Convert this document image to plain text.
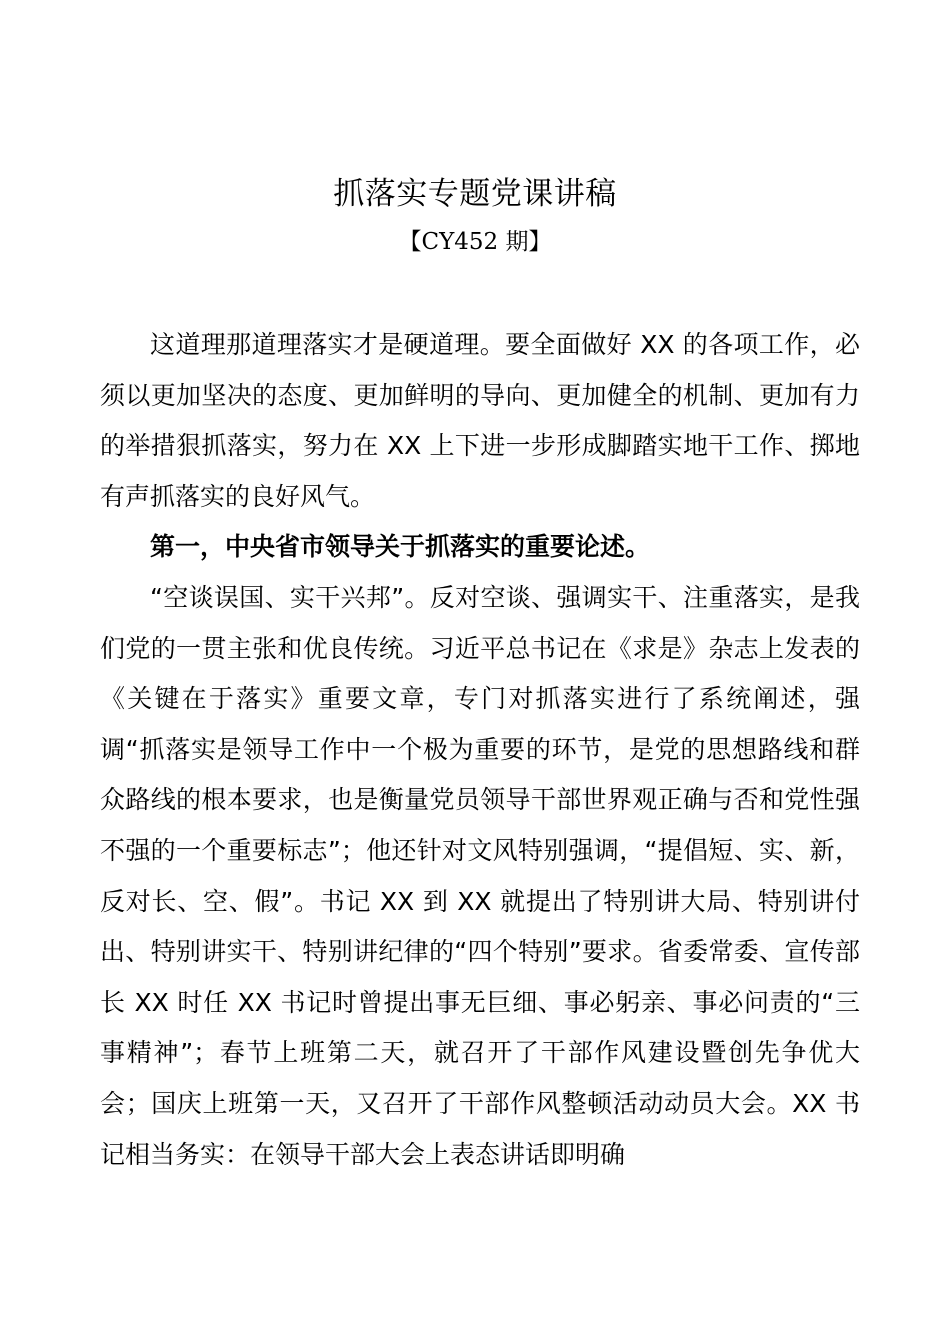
抓落实专题党课讲稿
【CY452 期】

这道理那道理落实才是硬道理。要全面做好 XX 的各项工作，必须以更加坚决的态度、更加鲜明的导向、更加健全的机制、更加有力的举措狠抓落实，努力在 XX 上下进一步形成脚踏实地干工作、掷地有声抓落实的良好风气。

第一，中央省市领导关于抓落实的重要论述。

“空谈误国、实干兴邦”。反对空谈、强调实干、注重落实，是我们党的一贯主张和优良传统。习近平总书记在《求是》杂志上发表的《关键在于落实》重要文章，专门对抓落实进行了系统阐述，强调“抓落实是领导工作中一个极为重要的环节，是党的思想路线和群众路线的根本要求，也是衡量党员领导干部世界观正确与否和党性强不强的一个重要标志”；他还针对文风特别强调，“提倡短、实、新，反对长、空、假”。书记 XX 到 XX 就提出了特别讲大局、特别讲付出、特别讲实干、特别讲纪律的“四个特别”要求。省委常委、宣传部长 XX 时任 XX 书记时曾提出事无巨细、事必躬亲、事必问责的“三事精神”；春节上班第二天，就召开了干部作风建设暨创先争优大会；国庆上班第一天，又召开了干部作风整顿活动动员大会。XX 书记相当务实：在领导干部大会上表态讲话即明确
